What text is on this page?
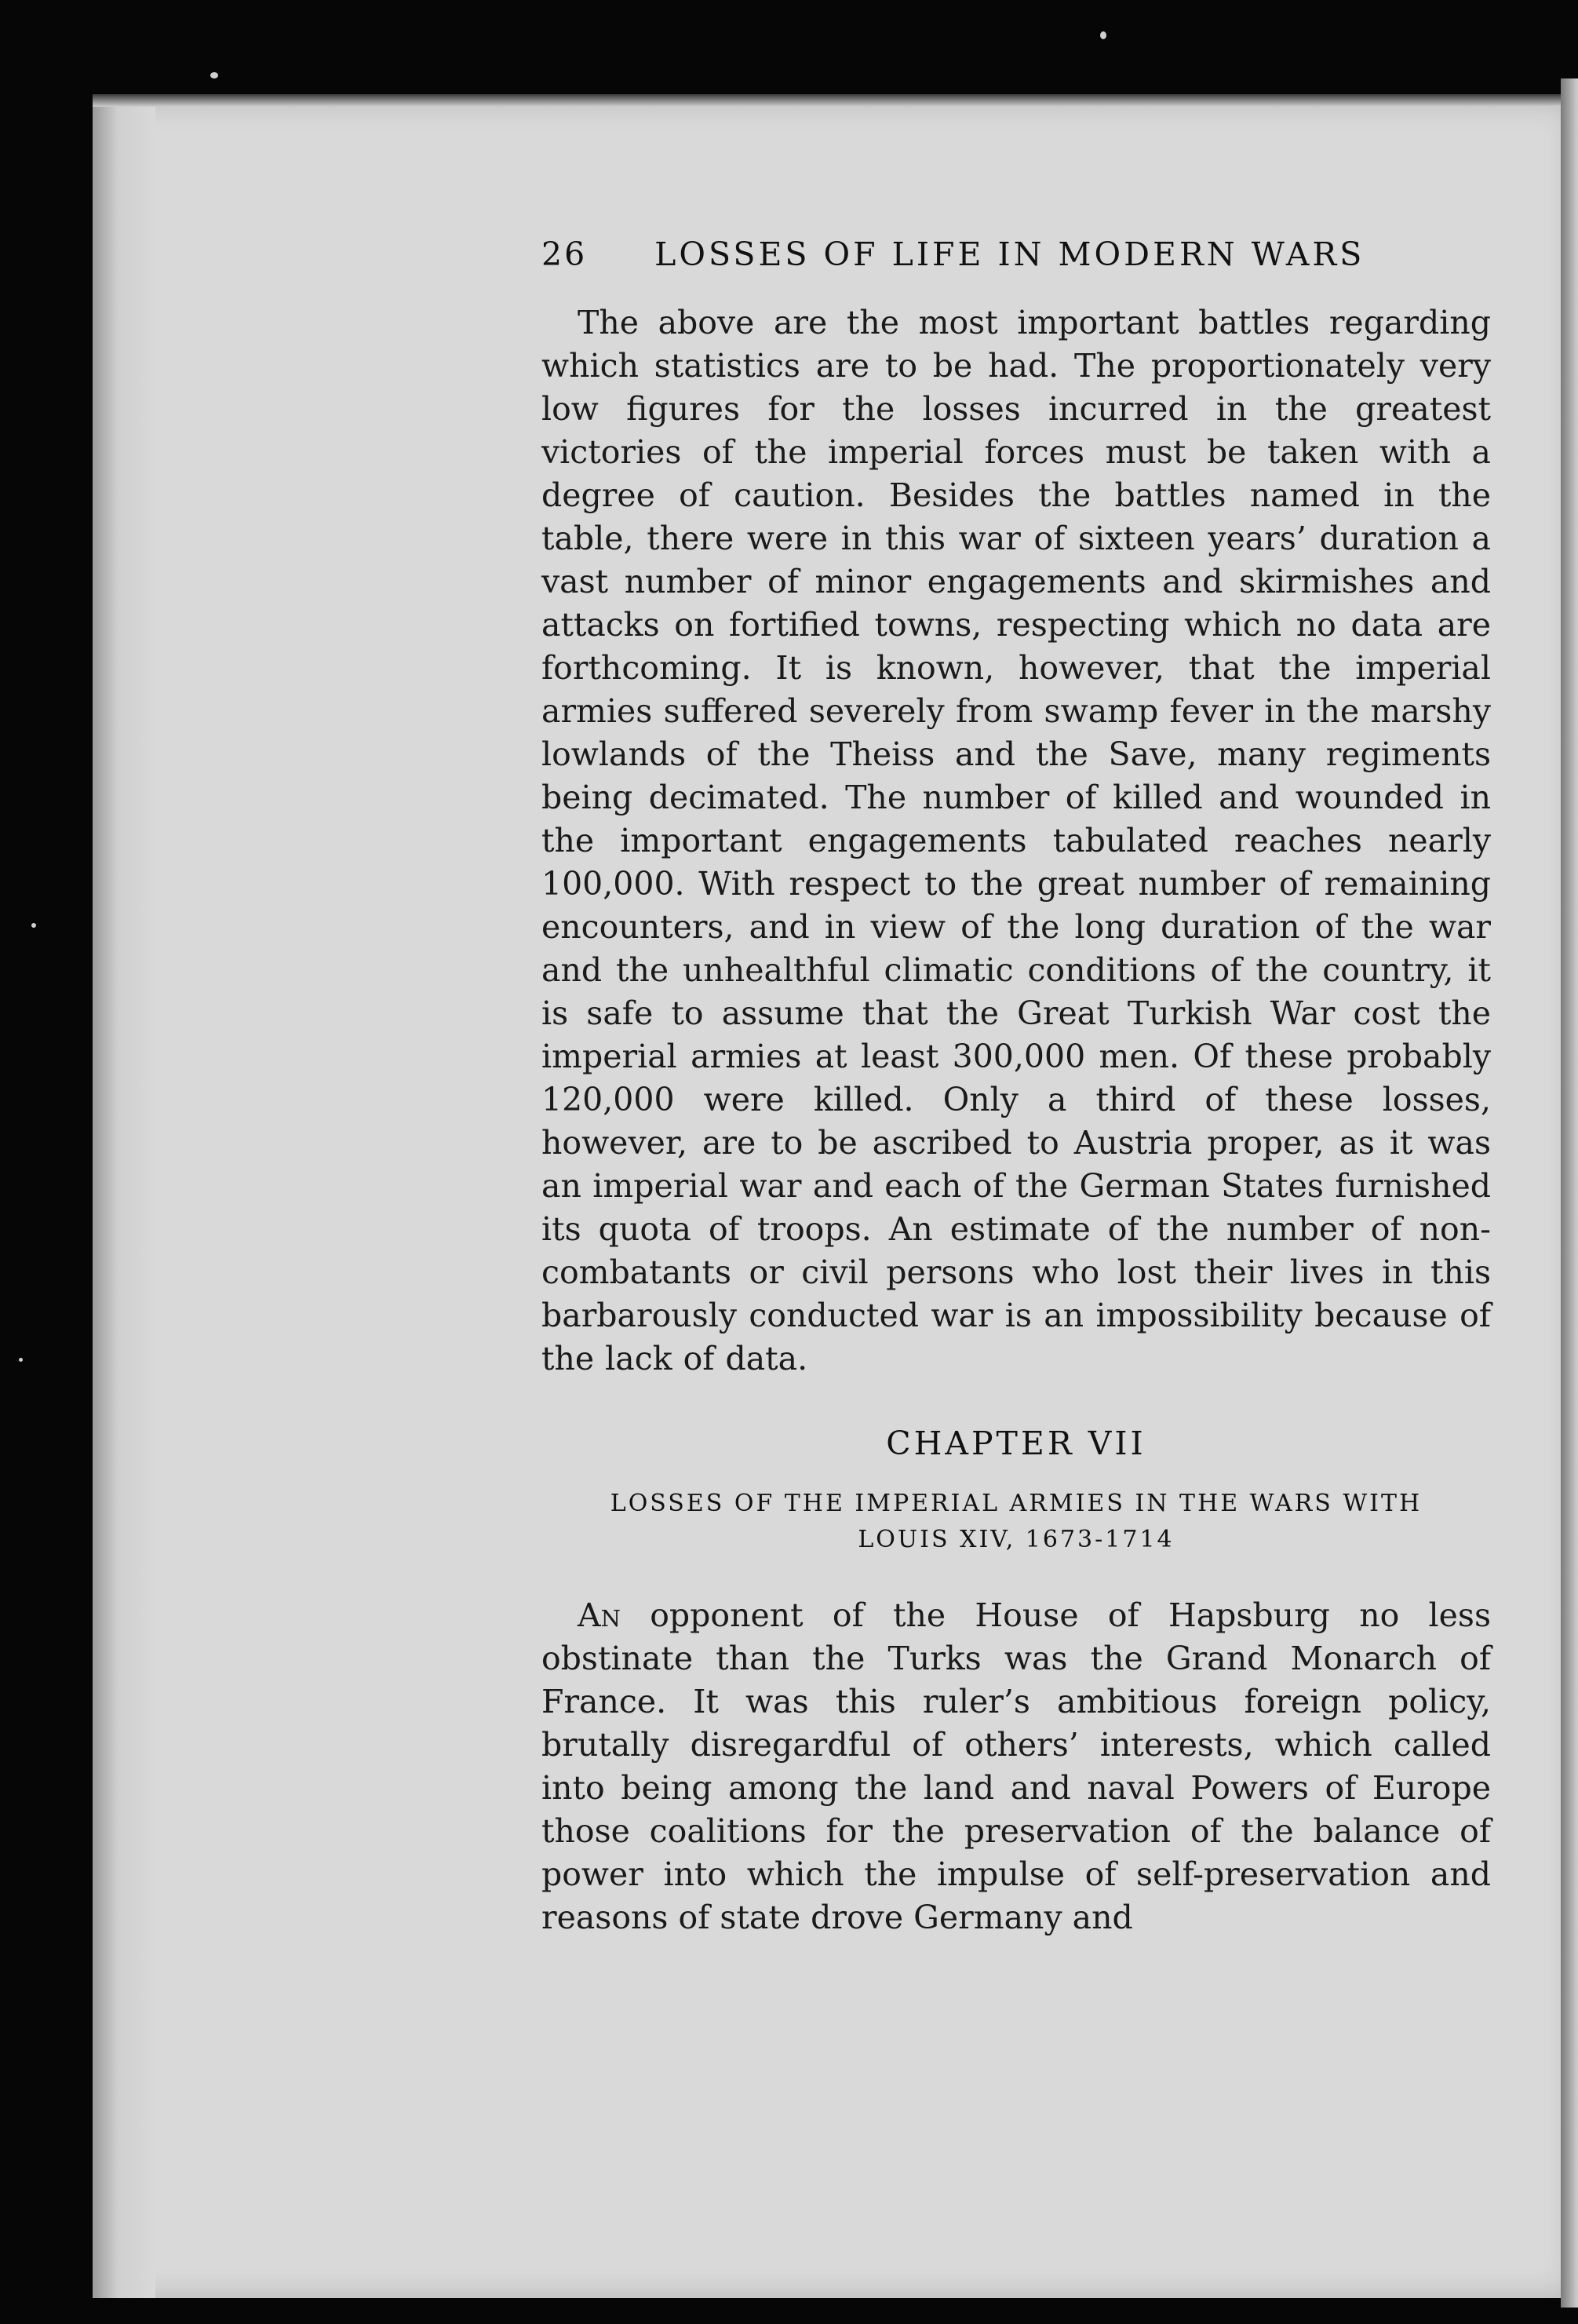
26 LOSSES OF LIFE IN MODERN WARS

The above are the most important battles regarding which statistics are to be had. The proportionately very low figures for the losses incurred in the greatest victories of the imperial forces must be taken with a degree of caution. Besides the battles named in the table, there were in this war of sixteen years’ duration a vast number of minor engagements and skirmishes and attacks on fortified towns, respecting which no data are forthcoming. It is known, however, that the imperial armies suffered severely from swamp fever in the marshy lowlands of the Theiss and the Save, many regiments being decimated. The number of killed and wounded in the important engagements tabulated reaches nearly 100,000. With respect to the great number of remaining encounters, and in view of the long duration of the war and the unhealthful climatic conditions of the country, it is safe to assume that the Great Turkish War cost the imperial armies at least 300,000 men. Of these probably 120,000 were killed. Only a third of these losses, however, are to be ascribed to Austria proper, as it was an imperial war and each of the German States furnished its quota of troops. An estimate of the number of non-combatants or civil persons who lost their lives in this barbarously conducted war is an impossibility because of the lack of data.

CHAPTER VII
LOSSES OF THE IMPERIAL ARMIES IN THE WARS WITH
LOUIS XIV, 1673-1714

An opponent of the House of Hapsburg no less obstinate than the Turks was the Grand Monarch of France. It was this ruler’s ambitious foreign policy, brutally disregardful of others’ interests, which called into being among the land and naval Powers of Europe those coalitions for the preservation of the balance of power into which the impulse of self-preservation and reasons of state drove Germany and
